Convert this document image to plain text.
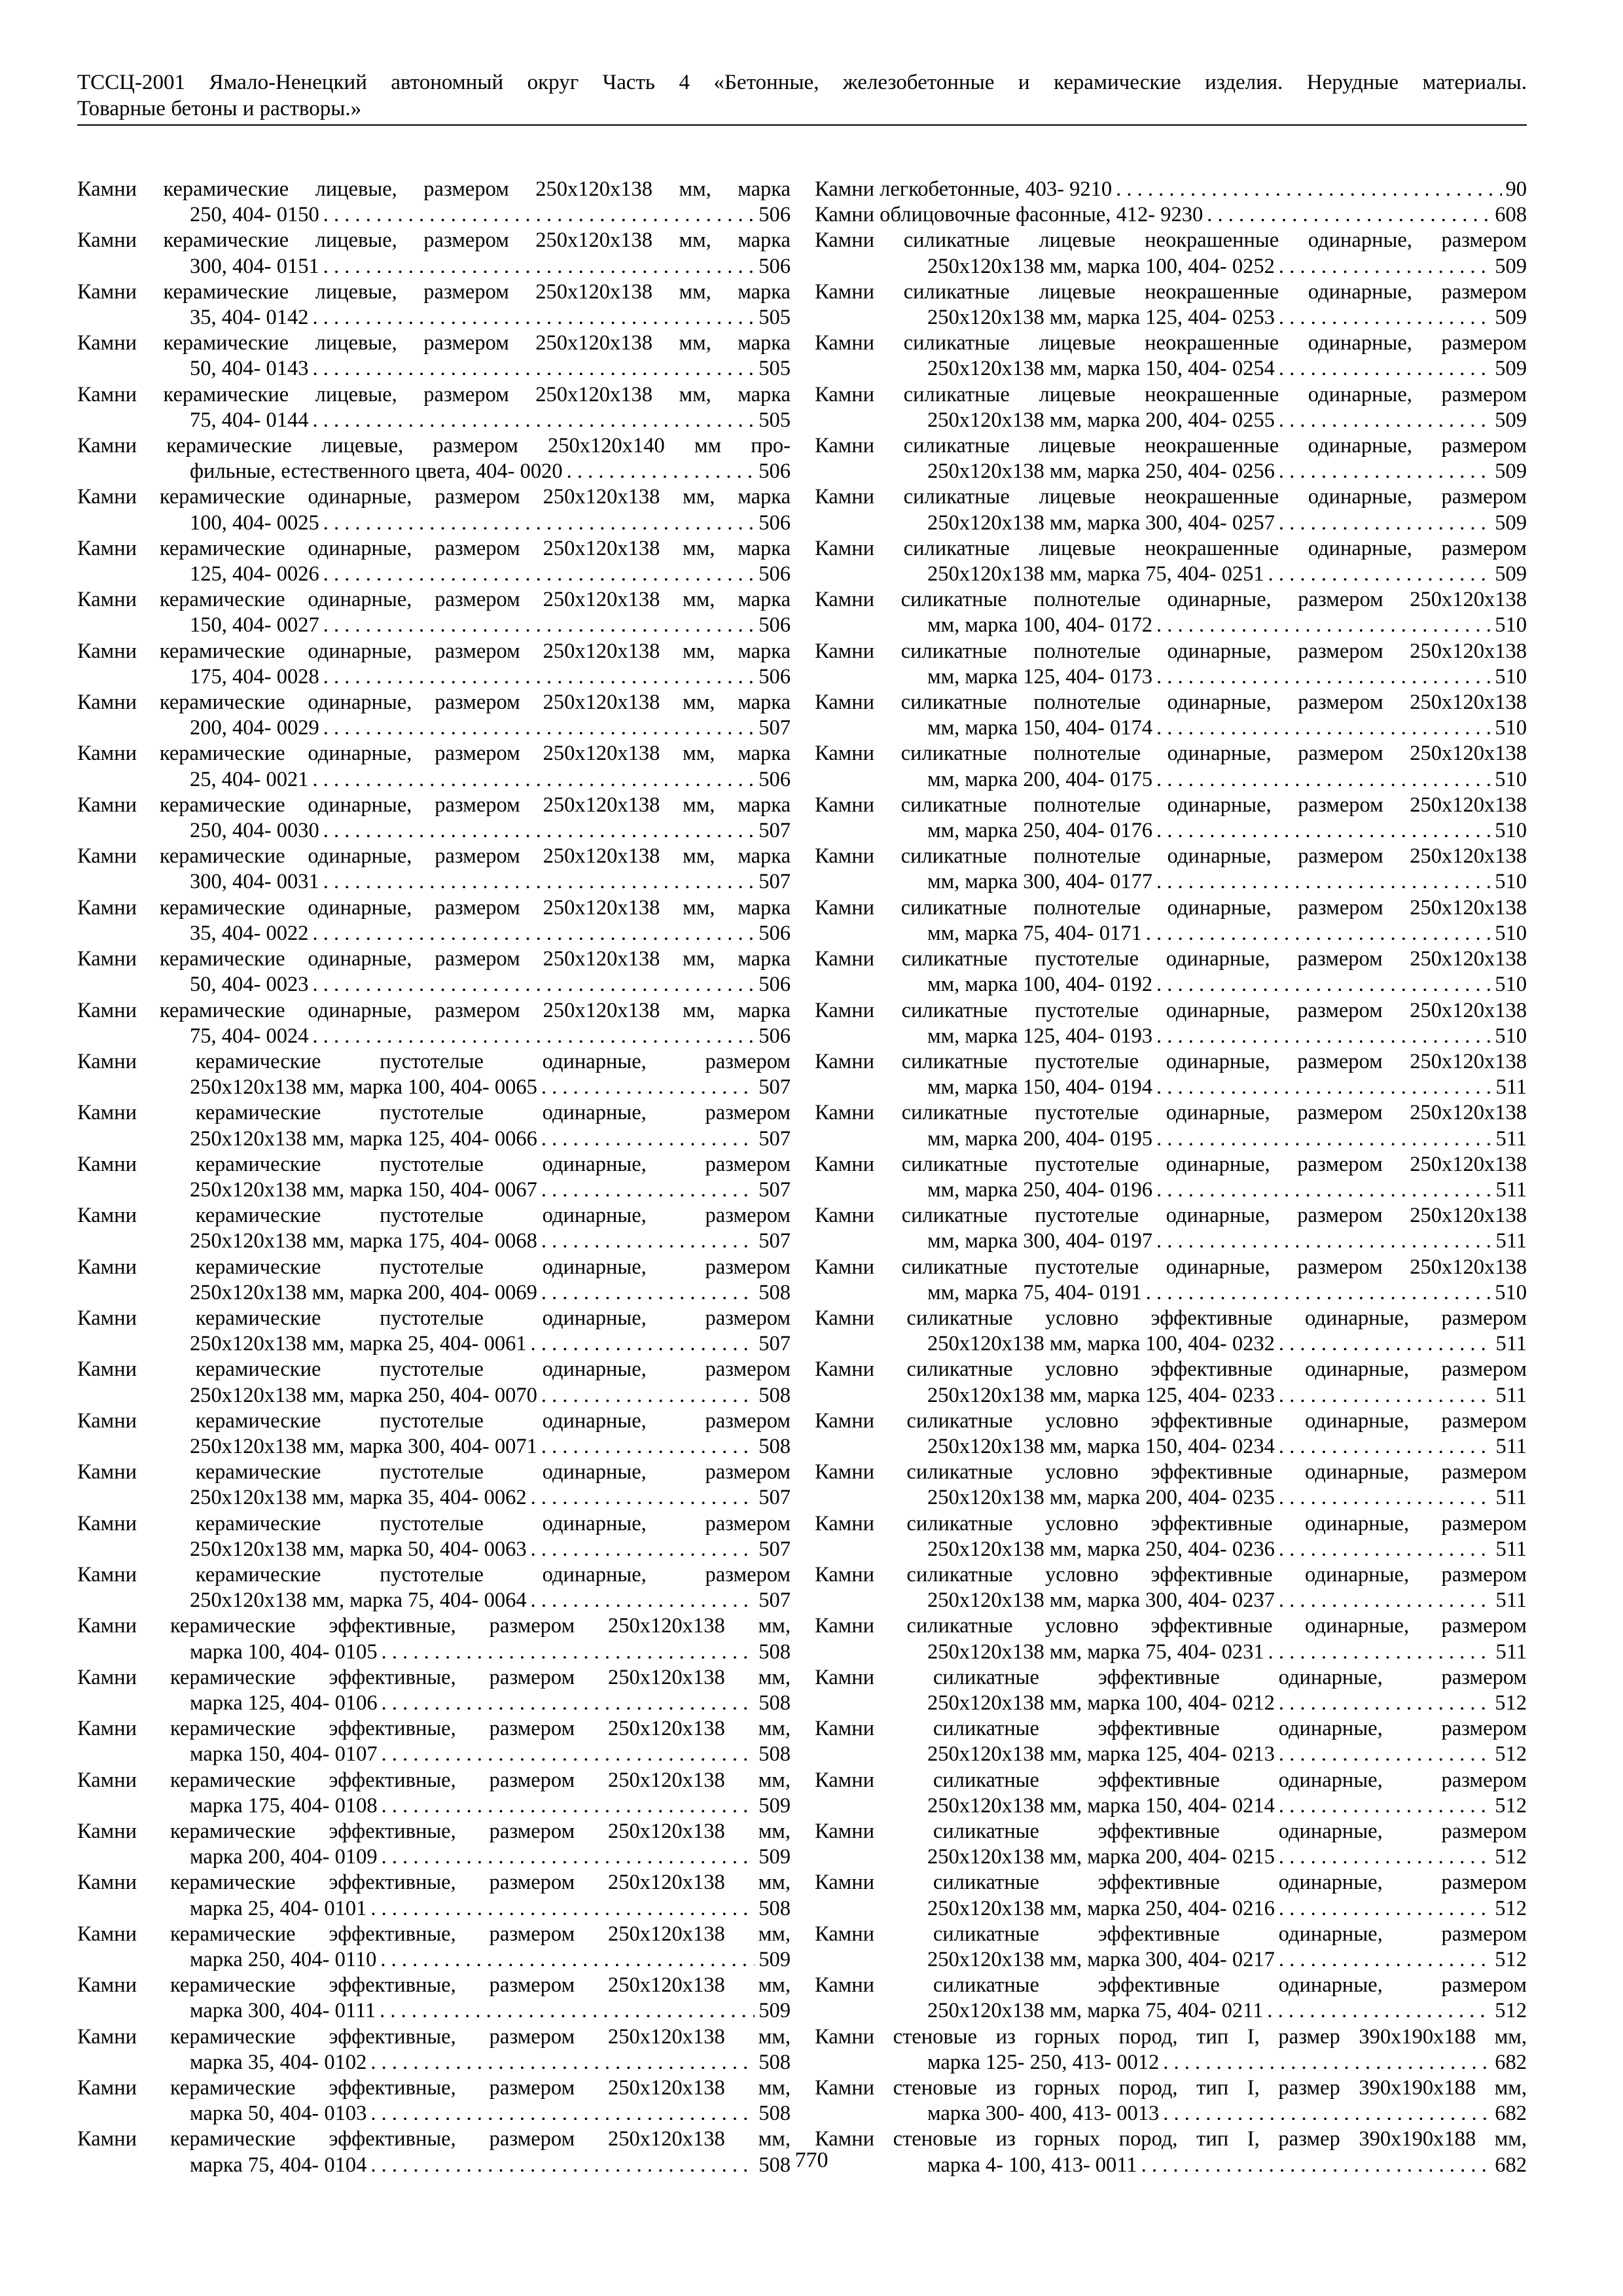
ТССЦ-2001 Ямало-Ненецкий автономный округ Часть 4 «Бетонные, железобетонные и керамические изделия. Нерудные материалы.
Товарные бетоны и растворы.»
Камни керамические лицевые, размером 250x120x138 мм, марка
250, 404- 0150 . . .	506
Камни керамические лицевые, размером 250x120x138 мм, марка
300, 404- 0151 . . .	506
Камни керамические лицевые, размером 250x120x138 мм, марка
35, 404- 0142 . . .	505
Камни керамические лицевые, размером 250x120x138 мм, марка
50, 404- 0143 . . .	505
Камни керамические лицевые, размером 250x120x138 мм, марка
75, 404- 0144 . . .	505
Камни керамические лицевые, размером 250x120x140 мм про-
фильные, естественного цвета, 404- 0020 . . .	506
Камни керамические одинарные, размером 250x120x138 мм, марка
100, 404- 0025 . . .	506
Камни керамические одинарные, размером 250x120x138 мм, марка
125, 404- 0026 . . .	506
Камни керамические одинарные, размером 250x120x138 мм, марка
150, 404- 0027 . . .	506
Камни керамические одинарные, размером 250x120x138 мм, марка
175, 404- 0028 . . .	506
Камни керамические одинарные, размером 250x120x138 мм, марка
200, 404- 0029 . . .	507
Камни керамические одинарные, размером 250x120x138 мм, марка
25, 404- 0021 . . .	506
Камни керамические одинарные, размером 250x120x138 мм, марка
250, 404- 0030 . . .	507
Камни керамические одинарные, размером 250x120x138 мм, марка
300, 404- 0031 . . .	507
Камни керамические одинарные, размером 250x120x138 мм, марка
35, 404- 0022 . . .	506
Камни керамические одинарные, размером 250x120x138 мм, марка
50, 404- 0023 . . .	506
Камни керамические одинарные, размером 250x120x138 мм, марка
75, 404- 0024 . . .	506
Камни керамические пустотелые одинарные, размером
250x120x138 мм, марка 100, 404- 0065 . . .	507
Камни керамические пустотелые одинарные, размером
250x120x138 мм, марка 125, 404- 0066 . . .	507
Камни керамические пустотелые одинарные, размером
250x120x138 мм, марка 150, 404- 0067 . . .	507
Камни керамические пустотелые одинарные, размером
250x120x138 мм, марка 175, 404- 0068 . . .	507
Камни керамические пустотелые одинарные, размером
250x120x138 мм, марка 200, 404- 0069 . . .	508
Камни керамические пустотелые одинарные, размером
250x120x138 мм, марка 25, 404- 0061 . . .	507
Камни керамические пустотелые одинарные, размером
250x120x138 мм, марка 250, 404- 0070 . . .	508
Камни керамические пустотелые одинарные, размером
250x120x138 мм, марка 300, 404- 0071 . . .	508
Камни керамические пустотелые одинарные, размером
250x120x138 мм, марка 35, 404- 0062 . . .	507
Камни керамические пустотелые одинарные, размером
250x120x138 мм, марка 50, 404- 0063 . . .	507
Камни керамические пустотелые одинарные, размером
250x120x138 мм, марка 75, 404- 0064 . . .	507
Камни керамические эффективные, размером 250x120x138 мм,
марка 100, 404- 0105 . . .	508
Камни керамические эффективные, размером 250x120x138 мм,
марка 125, 404- 0106 . . .	508
Камни керамические эффективные, размером 250x120x138 мм,
марка 150, 404- 0107 . . .	508
Камни керамические эффективные, размером 250x120x138 мм,
марка 175, 404- 0108 . . .	509
Камни керамические эффективные, размером 250x120x138 мм,
марка 200, 404- 0109 . . .	509
Камни керамические эффективные, размером 250x120x138 мм,
марка 25, 404- 0101 . . .	508
Камни керамические эффективные, размером 250x120x138 мм,
марка 250, 404- 0110 . . .	509
Камни керамические эффективные, размером 250x120x138 мм,
марка 300, 404- 0111 . . .	509
Камни керамические эффективные, размером 250x120x138 мм,
марка 35, 404- 0102 . . .	508
Камни керамические эффективные, размером 250x120x138 мм,
марка 50, 404- 0103 . . .	508
Камни керамические эффективные, размером 250x120x138 мм,
марка 75, 404- 0104 . . .	508
Камни легкобетонные, 403- 9210 . . .	90
Камни облицовочные фасонные, 412- 9230 . . .	608
Камни силикатные лицевые неокрашенные одинарные, размером
250x120x138 мм, марка 100, 404- 0252 . . .	509
Камни силикатные лицевые неокрашенные одинарные, размером
250x120x138 мм, марка 125, 404- 0253 . . .	509
Камни силикатные лицевые неокрашенные одинарные, размером
250x120x138 мм, марка 150, 404- 0254 . . .	509
Камни силикатные лицевые неокрашенные одинарные, размером
250x120x138 мм, марка 200, 404- 0255 . . .	509
Камни силикатные лицевые неокрашенные одинарные, размером
250x120x138 мм, марка 250, 404- 0256 . . .	509
Камни силикатные лицевые неокрашенные одинарные, размером
250x120x138 мм, марка 300, 404- 0257 . . .	509
Камни силикатные лицевые неокрашенные одинарные, размером
250x120x138 мм, марка 75, 404- 0251 . . .	509
Камни силикатные полнотелые одинарные, размером 250x120x138
мм, марка 100, 404- 0172 . . .	510
Камни силикатные полнотелые одинарные, размером 250x120x138
мм, марка 125, 404- 0173 . . .	510
Камни силикатные полнотелые одинарные, размером 250x120x138
мм, марка 150, 404- 0174 . . .	510
Камни силикатные полнотелые одинарные, размером 250x120x138
мм, марка 200, 404- 0175 . . .	510
Камни силикатные полнотелые одинарные, размером 250x120x138
мм, марка 250, 404- 0176 . . .	510
Камни силикатные полнотелые одинарные, размером 250x120x138
мм, марка 300, 404- 0177 . . .	510
Камни силикатные полнотелые одинарные, размером 250x120x138
мм, марка 75, 404- 0171 . . .	510
Камни силикатные пустотелые одинарные, размером 250x120x138
мм, марка 100, 404- 0192 . . .	510
Камни силикатные пустотелые одинарные, размером 250x120x138
мм, марка 125, 404- 0193 . . .	510
Камни силикатные пустотелые одинарные, размером 250x120x138
мм, марка 150, 404- 0194 . . .	511
Камни силикатные пустотелые одинарные, размером 250x120x138
мм, марка 200, 404- 0195 . . .	511
Камни силикатные пустотелые одинарные, размером 250x120x138
мм, марка 250, 404- 0196 . . .	511
Камни силикатные пустотелые одинарные, размером 250x120x138
мм, марка 300, 404- 0197 . . .	511
Камни силикатные пустотелые одинарные, размером 250x120x138
мм, марка 75, 404- 0191 . . .	510
Камни силикатные условно эффективные одинарные, размером
250x120x138 мм, марка 100, 404- 0232 . . .	511
Камни силикатные условно эффективные одинарные, размером
250x120x138 мм, марка 125, 404- 0233 . . .	511
Камни силикатные условно эффективные одинарные, размером
250x120x138 мм, марка 150, 404- 0234 . . .	511
Камни силикатные условно эффективные одинарные, размером
250x120x138 мм, марка 200, 404- 0235 . . .	511
Камни силикатные условно эффективные одинарные, размером
250x120x138 мм, марка 250, 404- 0236 . . .	511
Камни силикатные условно эффективные одинарные, размером
250x120x138 мм, марка 300, 404- 0237 . . .	511
Камни силикатные условно эффективные одинарные, размером
250x120x138 мм, марка 75, 404- 0231 . . .	511
Камни силикатные эффективные одинарные, размером
250x120x138 мм, марка 100, 404- 0212 . . .	512
Камни силикатные эффективные одинарные, размером
250x120x138 мм, марка 125, 404- 0213 . . .	512
Камни силикатные эффективные одинарные, размером
250x120x138 мм, марка 150, 404- 0214 . . .	512
Камни силикатные эффективные одинарные, размером
250x120x138 мм, марка 200, 404- 0215 . . .	512
Камни силикатные эффективные одинарные, размером
250x120x138 мм, марка 250, 404- 0216 . . .	512
Камни силикатные эффективные одинарные, размером
250x120x138 мм, марка 300, 404- 0217 . . .	512
Камни силикатные эффективные одинарные, размером
250x120x138 мм, марка 75, 404- 0211 . . .	512
Камни стеновые из горных пород, тип I, размер 390x190x188 мм,
марка 125- 250, 413- 0012 . . .	682
Камни стеновые из горных пород, тип I, размер 390x190x188 мм,
марка 300- 400, 413- 0013 . . .	682
Камни стеновые из горных пород, тип I, размер 390x190x188 мм,
марка 4- 100, 413- 0011 . . .	682
770
